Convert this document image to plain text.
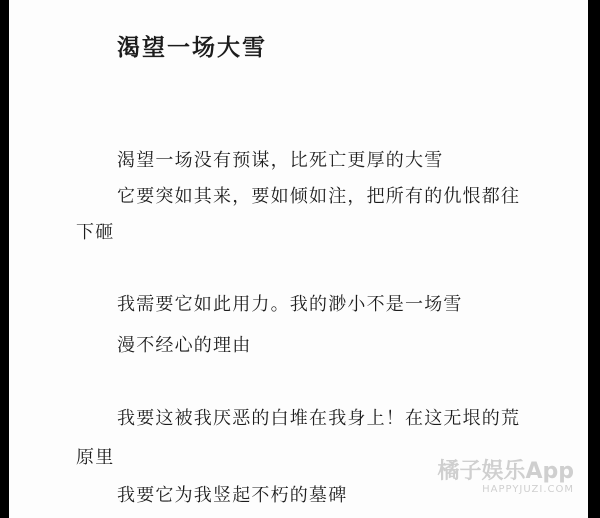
渴望一场大雪
渴望一场没有预谋，比死亡更厚的大雪
它要突如其来，要如倾如注，把所有的仇恨都往
下砸
我需要它如此用力。我的渺小不是一场雪
漫不经心的理由
我要这被我厌恶的白堆在我身上！在这无垠的荒
原里
我要它为我竖起不朽的墓碑
橘子娱乐App
HAPPYJUZI.COM
